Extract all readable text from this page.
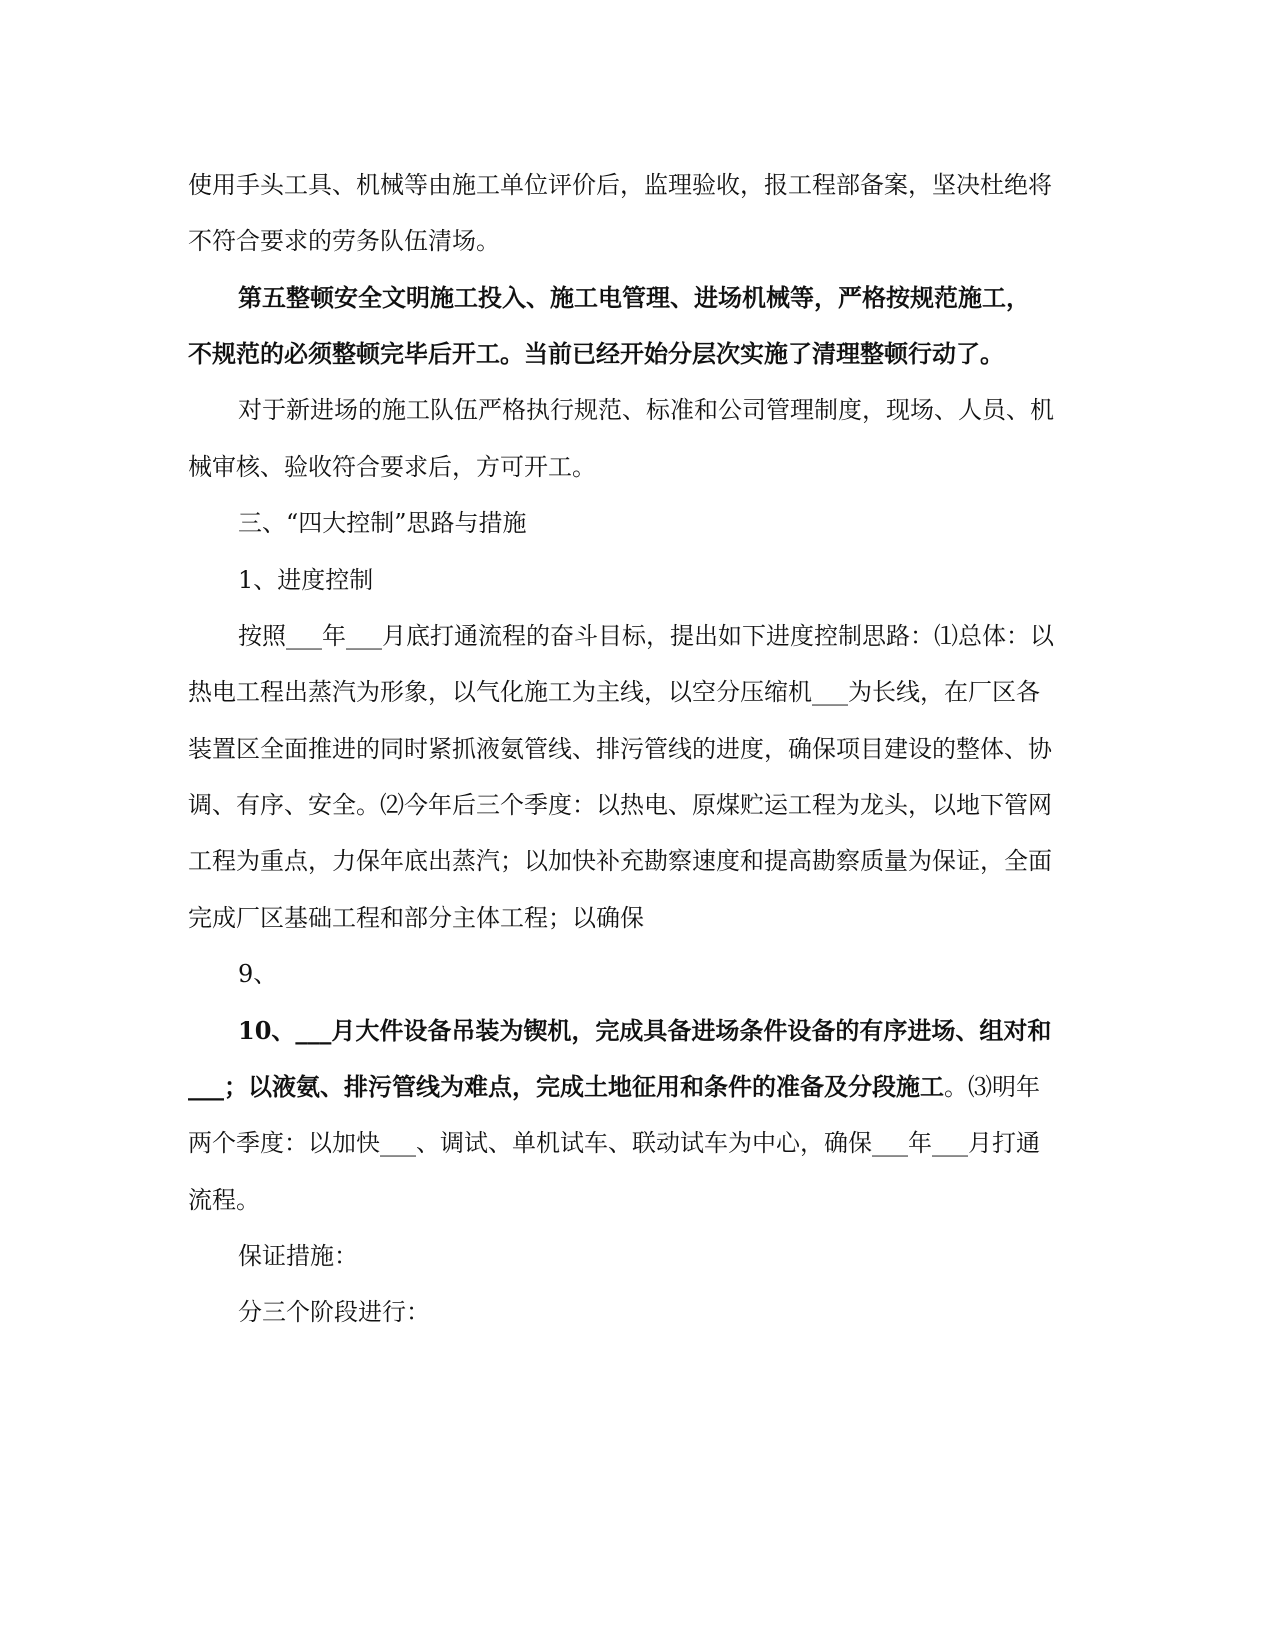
使用手头工具、机械等由施工单位评价后，监理验收，报工程部备案，坚决杜绝将
不符合要求的劳务队伍清场。
第五整顿安全文明施工投入、施工电管理、进场机械等，严格按规范施工，
不规范的必须整顿完毕后开工。当前已经开始分层次实施了清理整顿行动了。
对于新进场的施工队伍严格执行规范、标准和公司管理制度，现场、人员、机
械审核、验收符合要求后，方可开工。
三、“四大控制”思路与措施
1、进度控制
按照___年___月底打通流程的奋斗目标，提出如下进度控制思路：⑴总体：以
热电工程出蒸汽为形象，以气化施工为主线，以空分压缩机___为长线，在厂区各
装置区全面推进的同时紧抓液氨管线、排污管线的进度，确保项目建设的整体、协
调、有序、安全。⑵今年后三个季度：以热电、原煤贮运工程为龙头，以地下管网
工程为重点，力保年底出蒸汽；以加快补充勘察速度和提高勘察质量为保证，全面
完成厂区基础工程和部分主体工程；以确保
9、
10、___月大件设备吊装为锲机，完成具备进场条件设备的有序进场、组对和
___；以液氨、排污管线为难点，完成土地征用和条件的准备及分段施工。⑶明年
两个季度：以加快___、调试、单机试车、联动试车为中心，确保___年___月打通
流程。
保证措施：
分三个阶段进行：
